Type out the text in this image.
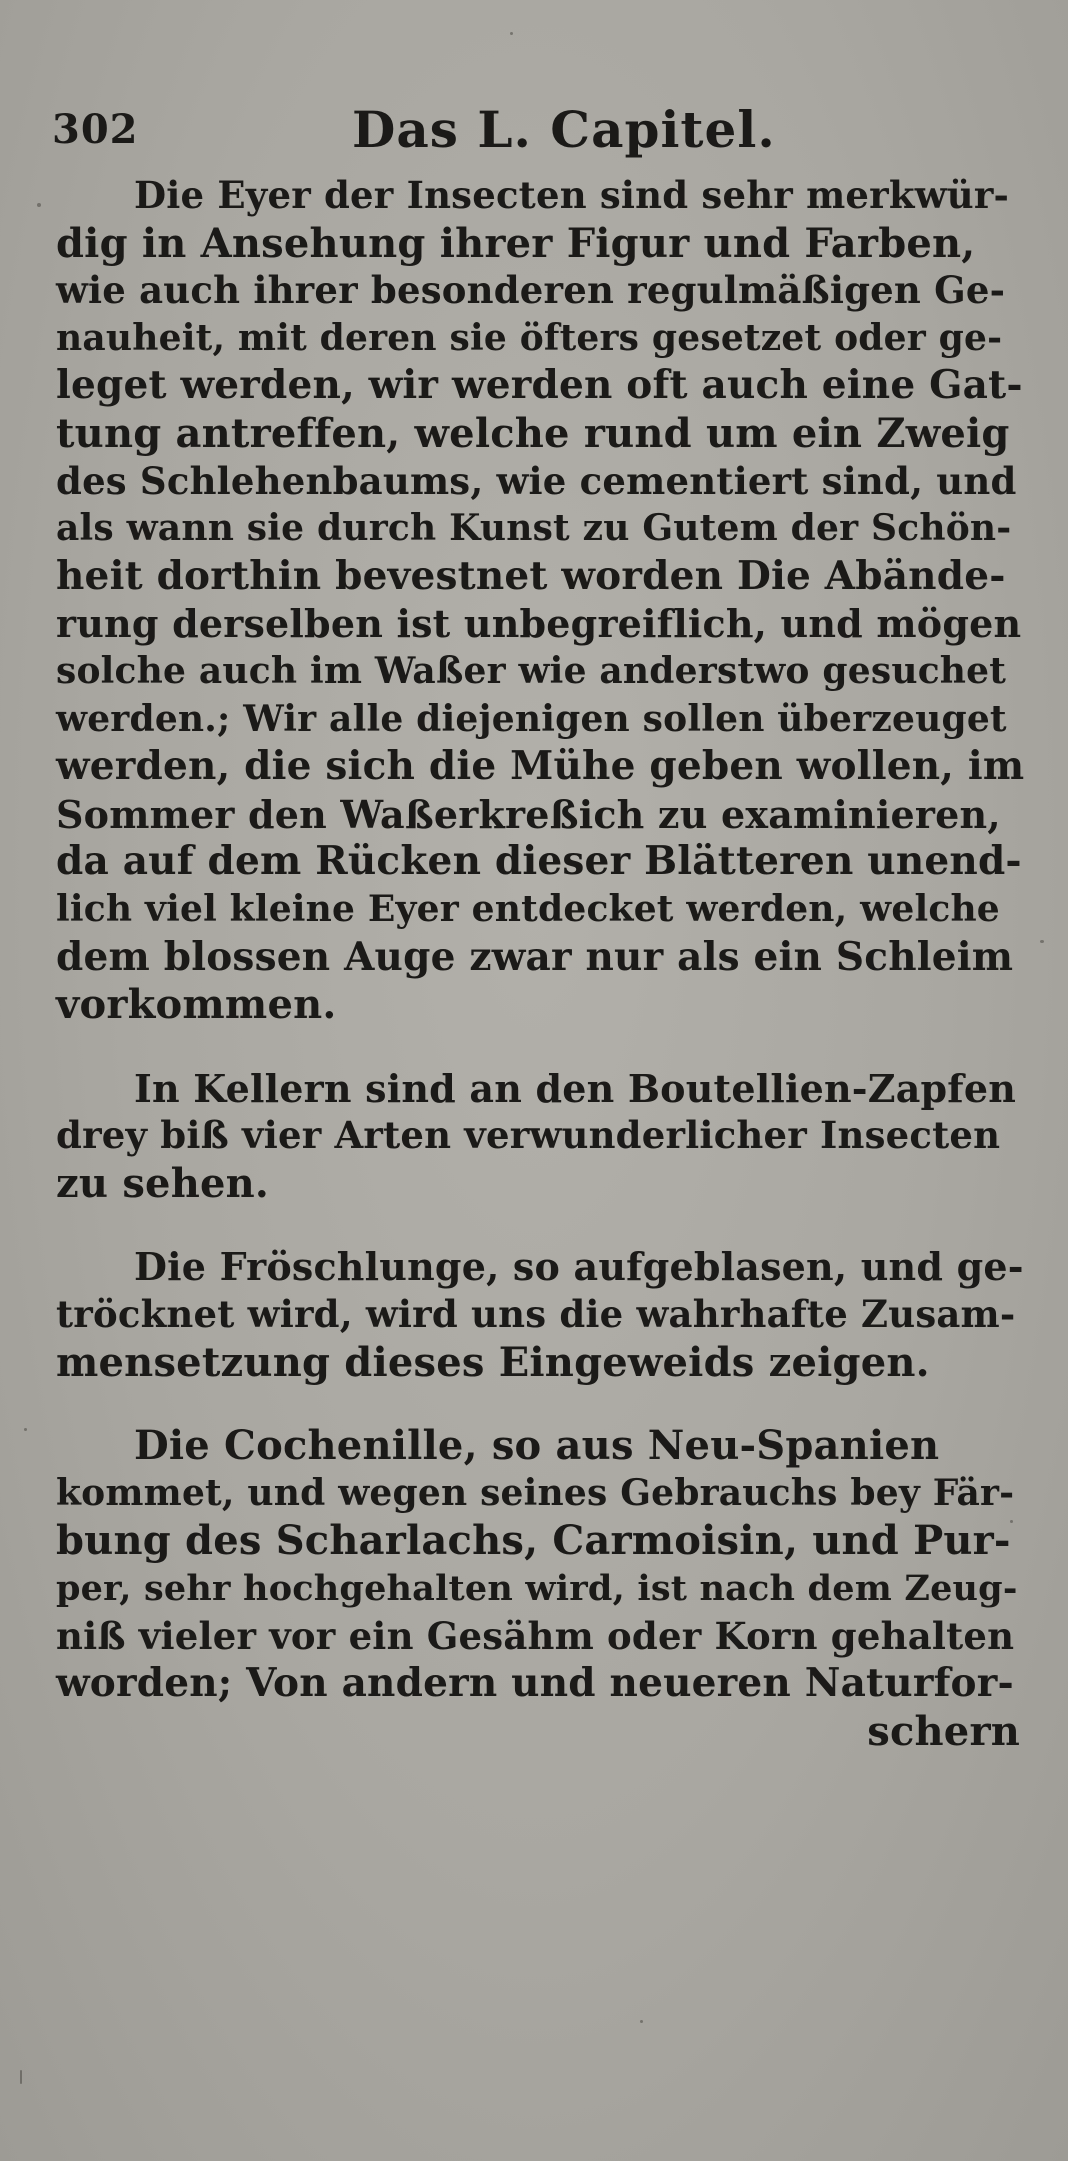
302	Das L. Capitel.
Die Eyer der Insecten sind sehr merkwür-
dig in Ansehung ihrer Figur und Farben,
wie auch ihrer besonderen regulmäßigen Ge-
nauheit, mit deren sie öfters gesetzet oder ge-
leget werden, wir werden oft auch eine Gat-
tung antreffen, welche rund um ein Zweig
des Schlehenbaums, wie cementiert sind, und
als wann sie durch Kunst zu Gutem der Schön-
heit dorthin bevestnet worden Die Abände-
rung derselben ist unbegreiflich, und mögen
solche auch im Waßer wie anderstwo gesuchet
werden.; Wir alle diejenigen sollen überzeuget
werden, die sich die Mühe geben wollen, im
Sommer den Waßerkreßich zu examinieren,
da auf dem Rücken dieser Blätteren unend-
lich viel kleine Eyer entdecket werden, welche
dem blossen Auge zwar nur als ein Schleim
vorkommen.
In Kellern sind an den Boutellien-Zapfen
drey biß vier Arten verwunderlicher Insecten
zu sehen.
Die Fröschlunge, so aufgeblasen, und ge-
tröcknet wird, wird uns die wahrhafte Zusam-
mensetzung dieses Eingeweids zeigen.
Die Cochenille, so aus Neu-Spanien
kommet, und wegen seines Gebrauchs bey Fär-
bung des Scharlachs, Carmoisin, und Pur-
per, sehr hochgehalten wird, ist nach dem Zeug-
niß vieler vor ein Gesähm oder Korn gehalten
worden; Von andern und neueren Naturfor-
schern
